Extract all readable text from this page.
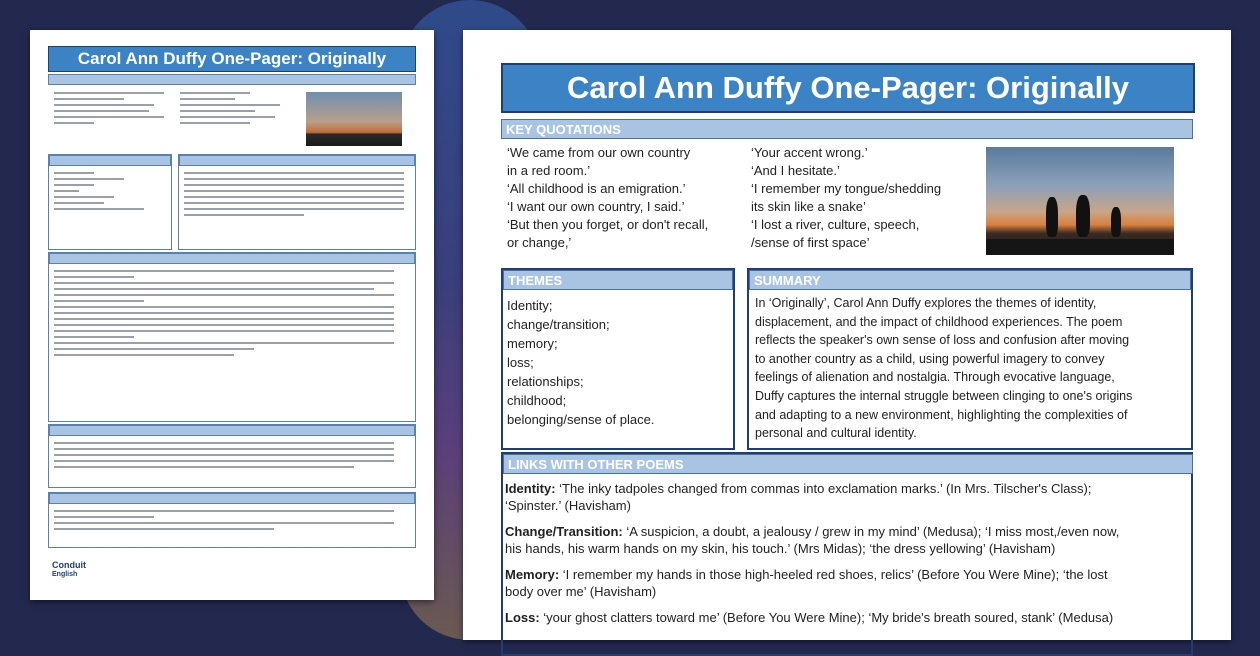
Carol Ann Duffy One-Pager: Originally
Conduit
English
Carol Ann Duffy One-Pager: Originally
KEY QUOTATIONS
‘We came from our own country
in a red room.’
‘All childhood is an emigration.’
‘I want our own country, I said.’
‘But then you forget, or don't recall,
or change,’
‘Your accent wrong.’
‘And I hesitate.’
‘I remember my tongue/shedding
its skin like a snake’
‘I lost a river, culture, speech,
/sense of first space’
THEMES
Identity;
change/transition;
memory;
loss;
relationships;
childhood;
belonging/sense of place.
SUMMARY
In ‘Originally’, Carol Ann Duffy explores the themes of identity,
displacement, and the impact of childhood experiences. The poem
reflects the speaker's own sense of loss and confusion after moving
to another country as a child, using powerful imagery to convey
feelings of alienation and nostalgia. Through evocative language,
Duffy captures the internal struggle between clinging to one's origins
and adapting to a new environment, highlighting the complexities of
personal and cultural identity.
LINKS WITH OTHER POEMS

Identity: ‘The inky tadpoles changed from commas into exclamation marks.’ (In Mrs. Tilscher's Class);
‘Spinster.’ (Havisham)

Change/Transition: ‘A suspicion, a doubt, a jealousy / grew in my mind’ (Medusa); ‘I miss most,/even now,
his hands, his warm hands on my skin, his touch.’ (Mrs Midas); ‘the dress yellowing’ (Havisham)

Memory: ‘I remember my hands in those high-heeled red shoes, relics’ (Before You Were Mine); ‘the lost
body over me’ (Havisham)

Loss: ‘your ghost clatters toward me’ (Before You Were Mine); ‘My bride's breath soured, stank’ (Medusa)
